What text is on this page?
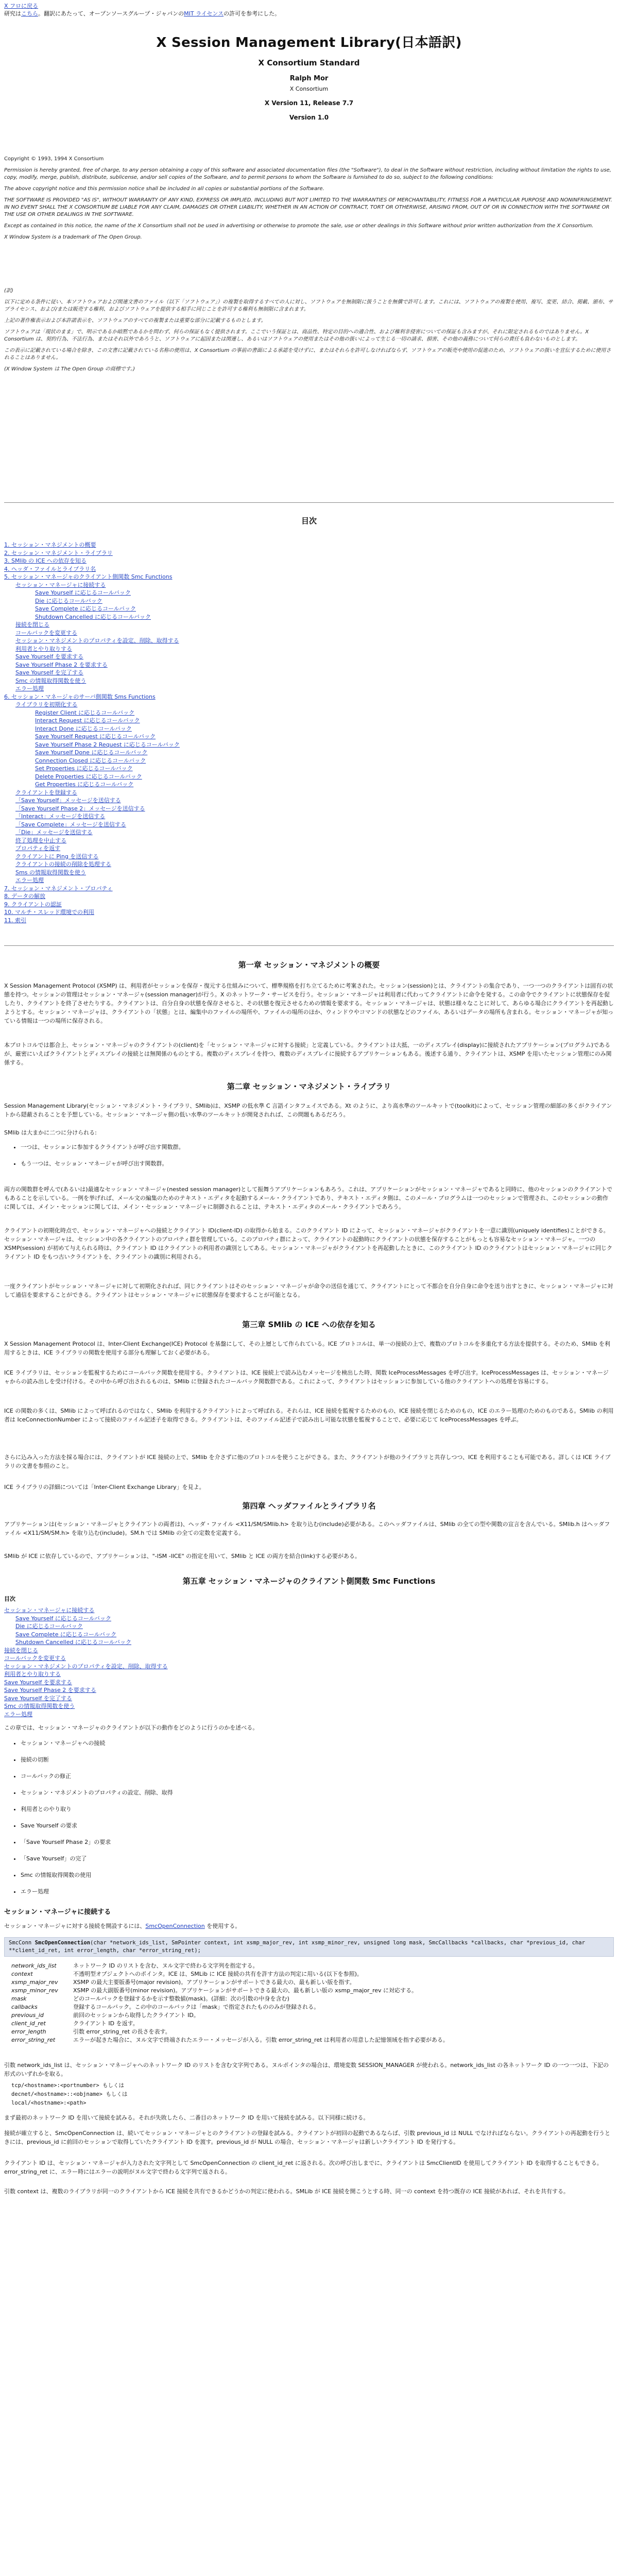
X フロに戻る
研究はこちら。翻訳にあたって、オープンソースグループ・ジャパンのMIT ライセンスの許可を参考にした。
X Session Management Library(日本語訳)
X Consortium Standard
Ralph Mor
X Consortium
X Version 11, Release 7.7
Version 1.0

Copyright © 1993, 1994 X Consortium

Permission is hereby granted, free of charge, to any person obtaining a copy of this software and associated documentation files (the "Software"), to deal in the Software without restriction, including without limitation the rights to use, copy, modify, merge, publish, distribute, sublicense, and/or sell copies of the Software, and to permit persons to whom the Software is furnished to do so, subject to the following conditions:

The above copyright notice and this permission notice shall be included in all copies or substantial portions of the Software.

THE SOFTWARE IS PROVIDED "AS IS", WITHOUT WARRANTY OF ANY KIND, EXPRESS OR IMPLIED, INCLUDING BUT NOT LIMITED TO THE WARRANTIES OF MERCHANTABILITY, FITNESS FOR A PARTICULAR PURPOSE AND NONINFRINGEMENT. IN NO EVENT SHALL THE X CONSORTIUM BE LIABLE FOR ANY CLAIM, DAMAGES OR OTHER LIABILITY, WHETHER IN AN ACTION OF CONTRACT, TORT OR OTHERWISE, ARISING FROM, OUT OF OR IN CONNECTION WITH THE SOFTWARE OR THE USE OR OTHER DEALINGS IN THE SOFTWARE.

Except as contained in this notice, the name of the X Consortium shall not be used in advertising or otherwise to promote the sale, use or other dealings in this Software without prior written authorization from the X Consortium.

X Window System is a trademark of The Open Group.

(訳)

以下に定める条件に従い、本ソフトウェアおよび関連文書のファイル（以下「ソフトウェア」）の複製を取得するすべての人に対し、ソフトウェアを無制限に扱うことを無償で許可します。これには、ソフトウェアの複製を使用、複写、変更、結合、掲載、頒布、サブライセンス、および/または販売する権利、およびソフトウェアを提供する相手に同じことを許可する権利も無制限に含まれます。

上記の著作権表示および本許諾表示を、ソフトウェアのすべての複製または重要な部分に記載するものとします。

ソフトウェアは「現状のまま」で、明示であるか暗黙であるかを問わず、何らの保証もなく提供されます。ここでいう保証とは、商品性、特定の目的への適合性、および権利非侵害についての保証も含みますが、それに限定されるものではありません。X Consortium は、契約行為、不法行為、またはそれ以外であろうと、ソフトウェアに起因または関連し、あるいはソフトウェアの使用またはその他の扱いによって生じる一切の請求、損害、その他の義務について何らの責任も負わないものとします。

この表示に記載されている場合を除き、この文書に記載されている名称の使用は、X Consortium の事前の書面による承認を受けずに、またはそれらを許可しなければならず、ソフトウェアの販売や使用の促進のため、ソフトウェアの扱いを宣伝するために使用されることはありません。

(X Window System は The Open Group の商標です。)

目次
1. セッション・マネジメントの概要
2. セッション・マネジメント・ライブラリ
3. SMlib の ICE への依存を知る
4. ヘッダ・ファイルとライブラリ名
5. セッション・マネージャのクライアント側関数 Smc Functions
セッション・マネージャに接続する
Save Yourself に応じるコールバック
Die に応じるコールバック
Save Complete に応じるコールバック
Shutdown Cancelled に応じるコールバック
接続を閉じる
コールバックを変更する
セッション・マネジメントのプロパティを設定、削除、取得する
利用者とやり取りする
Save Yourself を要求する
Save Yourself Phase 2 を要求する
Save Yourself を完了する
Smc の情報取得関数を使う
エラー処理
6. セッション・マネージャのサーバ側関数 Sms Functions
ライブラリを初期化する
Register Client に応じるコールバック
Interact Request に応じるコールバック
Interact Done に応じるコールバック
Save Yourself Request に応じるコールバック
Save Yourself Phase 2 Request に応じるコールバック
Save Yourself Done に応じるコールバック
Connection Closed に応じるコールバック
Set Properties に応じるコールバック
Delete Properties に応じるコールバック
Get Properties に応じるコールバック
クライアントを登録する
「Save Yourself」メッセージを送信する
「Save Yourself Phase 2」メッセージを送信する
「Interact」メッセージを送信する
「Save Complete」メッセージを送信する
「Die」メッセージを送信する
終了処理を中止する
プロパティを返す
クライアントに Ping を送信する
クライアントの接続の削除を処理する
Sms の情報取得関数を使う
エラー処理
7. セッション・マネジメント・プロパティ
8. データの解放
9. クライアントの認証
10. マルチ・スレッド環境での利用
11. 索引
第一章 セッション・マネジメントの概要

X Session Management Protocol (XSMP) は、利用者がセッションを保存・復元する仕組みについて、標準規格を打ち立てるために考案された。セッション(session)とは、クライアントの集合であり、一つ一つのクライアントは固有の状態を持つ。セッションの管理はセッション・マネージャ(session manager)が行う。X のネットワーク・サービスを行う。セッション・マネージャは利用者に代わってクライアントに命令を発する。この命令でクライアントに状態保存を促したり、クライアントを終了させたりする。クライアントは、自分自身の状態を保存させると、その状態を復元させるための情報を要求する。セッション・マネージャは、状態は様々なことに対して、あらゆる場合にクライアントを再起動しようとする。セッション・マネージャは、クライアントの「状態」とは、編集中のファイルの場所や、ファイルの場所のほか、ウィンドウやコマンドの状態などのファイル、あるいはデータの場所も含まれる。セッション・マネージャが知っている情報は一つの場所に保存される。

本プロトコルでは都合上、セッション・マネージャのクライアントの(client)を「セッション・マネージャに対する接続」と定義している。クライアントは大抵、一のディスプレイ(display)に接続されたアプリケーション(プログラム)であるが、厳密にいえばクライアントとディスプレイの接続とは無関係のものとする。複数のディスプレイを持つ、複数のディスプレイに接続するアプリケーションもある。後述する通り、クライアントは、XSMP を用いたセッション管理にのみ関係する。

第二章 セッション・マネジメント・ライブラリ

Session Management Library(セッション・マネジメント・ライブラリ、SMlib)は、XSMP の低水準 C 言語インタフェイスである。Xt のように、より高水準のツールキットで(toolkit)によって、セッション管理の細部の多くがクライアントから隠蔽されることを予想している。セッション・マネージャ側の低い水準のツールキットが開発されれば、この問題もあるだろう。

SMlib は大まかに二つに分けられる:

• 一つは、セッションに参加するクライアントが呼び出す関数群。
• もう一つは、セッション・マネージャが呼び出す関数群。

両方の関数群を呼んで(あるいは)最適なセッション・マネージャ(nested session manager)として振舞うアプリケーションもあろう。これは、アプリケーションがセッション・マネージャであると同時に、他のセッションのクライアントでもあることを示している。一例を挙げれば、メール文の編集のためのテキスト・エディタを起動するメール・クライアントであり、テキスト・エディタ側は、このメール・プログラムは一つのセッションで管理され、このセッションの動作に関しては、メイン・セッションに関しては、メイン・セッション・マネージャに制御されることは、テキスト・エディタのメール・クライアントであろう。

クライアントの初期化時点で、セッション・マネージャへの接続とクライアント ID(client-ID) の取得から始まる。このクライアント ID によって、セッション・マネージャがクライアントを一意に識別(uniquely identifies)ことができる。セッション・マネージャは、セッション中の各クライアントのプロパティ群を管理している。このプロパティ群によって、クライアントの起動時にクライアントの状態を保存することがもっとも容易なセッション・マネージャ。一つの XSMP(session) が初めて与えられる時は、クライアント ID はクライアントの利用者の識別としてある。セッション・マネージャがクライアントを再起動したときに、このクライアント ID のクライアントはセッション・マネージャに同じクライアント ID をもつ古いクライアントを、クライアントの識別に利用される。

一度クライアントがセッション・マネージャに対して初期化されれば、同じクライアントはそのセッション・マネージャが命令の送信を通じて、クライアントにとって不都合を自分自身に命令を送り出すときに、セッション・マネージャに対して通信を要求することができる。クライアントはセッション・マネージャに状態保存を要求することが可能となる。

第三章 SMlib の ICE への依存を知る

X Session Management Protocol は、Inter-Client Exchange(ICE) Protocol を基盤にして、その上層として作られている。ICE プロトコルは、単一の接続の上で、複数のプロトコルを多重化する方法を提供する。そのため、SMlib を利用するときは、ICE ライブラリの関数を使用する部分も理解しておく必要がある。

ICE ライブラリは、セッションを監視するためにコールバック関数を使用する。クライアントは、ICE 接続上で読み込むメッセージを検出した時、関数 IceProcessMessages を呼び出す。IceProcessMessages は、セッション・マネージャからの読み出しを受け付ける。その中から呼び出されるものは、SMlib に登録されたコールバック関数群である。これによって、クライアントはセッションに参加している他のクライアントへの処理を容易にする。

ICE の関数の多くは、SMlib によって呼ばれるのではなく、SMlib を利用するクライアントによって呼ばれる。それらは、ICE 接続を監視するためのもの、ICE 接続を閉じるためのもの、ICE のエラー処理のためのものである。SMlib の利用者は IceConnectionNumber によって接続のファイル記述子を取得できる。クライアントは、そのファイル記述子で読み出し可能な状態を監視することで、必要に応じて IceProcessMessages を呼ぶ。

さらに込み入った方法を採る場合には、クライアントが ICE 接続の上で、SMlib を介さずに他のプロトコルを使うことができる。また、クライアントが他のライブラリと共存しつつ、ICE を利用することも可能である。詳しくは ICE ライブラリの文書を参照のこと。

ICE ライブラリの詳細については「Inter-Client Exchange Library」を見よ。

第四章 ヘッダファイルとライブラリ名

アプリケーションは(セッション・マネージャとクライアントの両者は)、ヘッダ・ファイル <X11/SM/SMlib.h> を取り込む(include)必要がある。このヘッダファイルは、SMlib の全ての型や関数の宣言を含んでいる。SMlib.h はヘッダファイル <X11/SM/SM.h> を取り込む(include)。SM.h では SMlib の全ての定数を定義する。

SMlib が ICE に依存しているので、アプリケーションは、"-lSM -lICE" の指定を用いて、SMlib と ICE の両方を結合(link)する必要がある。

第五章 セッション・マネージャのクライアント側関数 Smc Functions
目次
セッション・マネージャに接続する
Save Yourself に応じるコールバック
Die に応じるコールバック
Save Complete に応じるコールバック
Shutdown Cancelled に応じるコールバック
接続を閉じる
コールバックを変更する
セッション・マネジメントのプロパティを設定、削除、取得する
利用者とやり取りする
Save Yourself を要求する
Save Yourself Phase 2 を要求する
Save Yourself を完了する
Smc の情報取得関数を使う
エラー処理

この章では、セッション・マネージャのクライアントが以下の動作をどのように行うのかを述べる。

• セッション・マネージャへの接続
• 接続の切断
• コールバックの修正
• セッション・マネジメントのプロパティの設定、削除、取得
• 利用者とのやり取り
• Save Yourself の要求
• 「Save Yourself Phase 2」の要求
• 「Save Yourself」の完了
• Smc の情報取得関数の使用
• エラー処理
セッション・マネージャに接続する

セッション・マネージャに対する接続を開設するには、SmcOpenConnection を使用する。

SmcConn SmcOpenConnection(char *network_ids_list, SmPointer context, int xsmp_major_rev, int xsmp_minor_rev, unsigned long mask, SmcCallbacks *callbacks, char *previous_id, char **client_id_ret, int error_length, char *error_string_ret);
network_ids_list	ネットワーク ID のリストを含む、ヌル文字で終わる文字列を指定する。
context	不透明型オブジェクトへのポインタ。ICE は、SMLib に ICE 接続の共有を許す方法の判定に用いる(以下を参照)。
xsmp_major_rev	XSMP の最大主要版番号(major revision)。アプリケーションがサポートできる最大の、最も新しい版を指す。
xsmp_minor_rev	XSMP の最大副版番号(minor revision)。アプリケーションがサポートできる最大の、最も新しい版の xsmp_major_rev に対応する。
mask	どのコールバックを登録するかを示す整数値(mask)。(詳細：次の引数の中身を含む)
callbacks	登録するコールバック。この中のコールバックは「mask」で指定されたもののみが登録される。
previous_id	前回のセッションから取得したクライアント ID。
client_id_ret	クライアント ID を返す。
error_length	引数 error_string_ret の長さを表す。
error_string_ret	エラーが起きた場合に、ヌル文字で終端されたエラー・メッセージが入る。引数 error_string_ret は利用者の用意した記憶領域を指す必要がある。

引数 network_ids_list は、セッション・マネージャへのネットワーク ID のリストを含む文字列である。ヌルポインタの場合は、環境変数 SESSION_MANAGER が使われる。network_ids_list の各ネットワーク ID の一つ一つは、下記の形式のいずれかを取る。

tcp/<hostname>:<portnumber> もしくは
decnet/<hostname>::<objname> もしくは
local/<hostname>:<path>

まず最初のネットワーク ID を用いて接続を試みる。それが失敗したら、二番目のネットワーク ID を用いて接続を試みる。以下同様に続ける。

接続が確立すると、SmcOpenConnection は、続いてセッション・マネージャとのクライアントの登録を試みる。クライアントが初回の起動であるならば、引数 previous_id は NULL でなければならない。クライアントの再起動を行うときには、previous_id に前回のセッションで取得していたクライアント ID を渡す。previous_id が NULL の場合、セッション・マネージャは新しいクライアント ID を発行する。

クライアント ID は、セッション・マネージャが入力された文字列として SmcOpenConnection の client_id_ret に返される。次の呼び出しまでに、クライアントは SmcClientID を使用してクライアント ID を取得することもできる。error_string_ret に、エラー時にはエラーの説明がヌル文字で終わる文字列で返される。

引数 context は、複数のライブラリが同一のクライアントから ICE 接続を共有できるかどうかの判定に使われる。SMLib が ICE 接続を開こうとする時、同一の context を持つ既存の ICE 接続があれば、それを共有する。
